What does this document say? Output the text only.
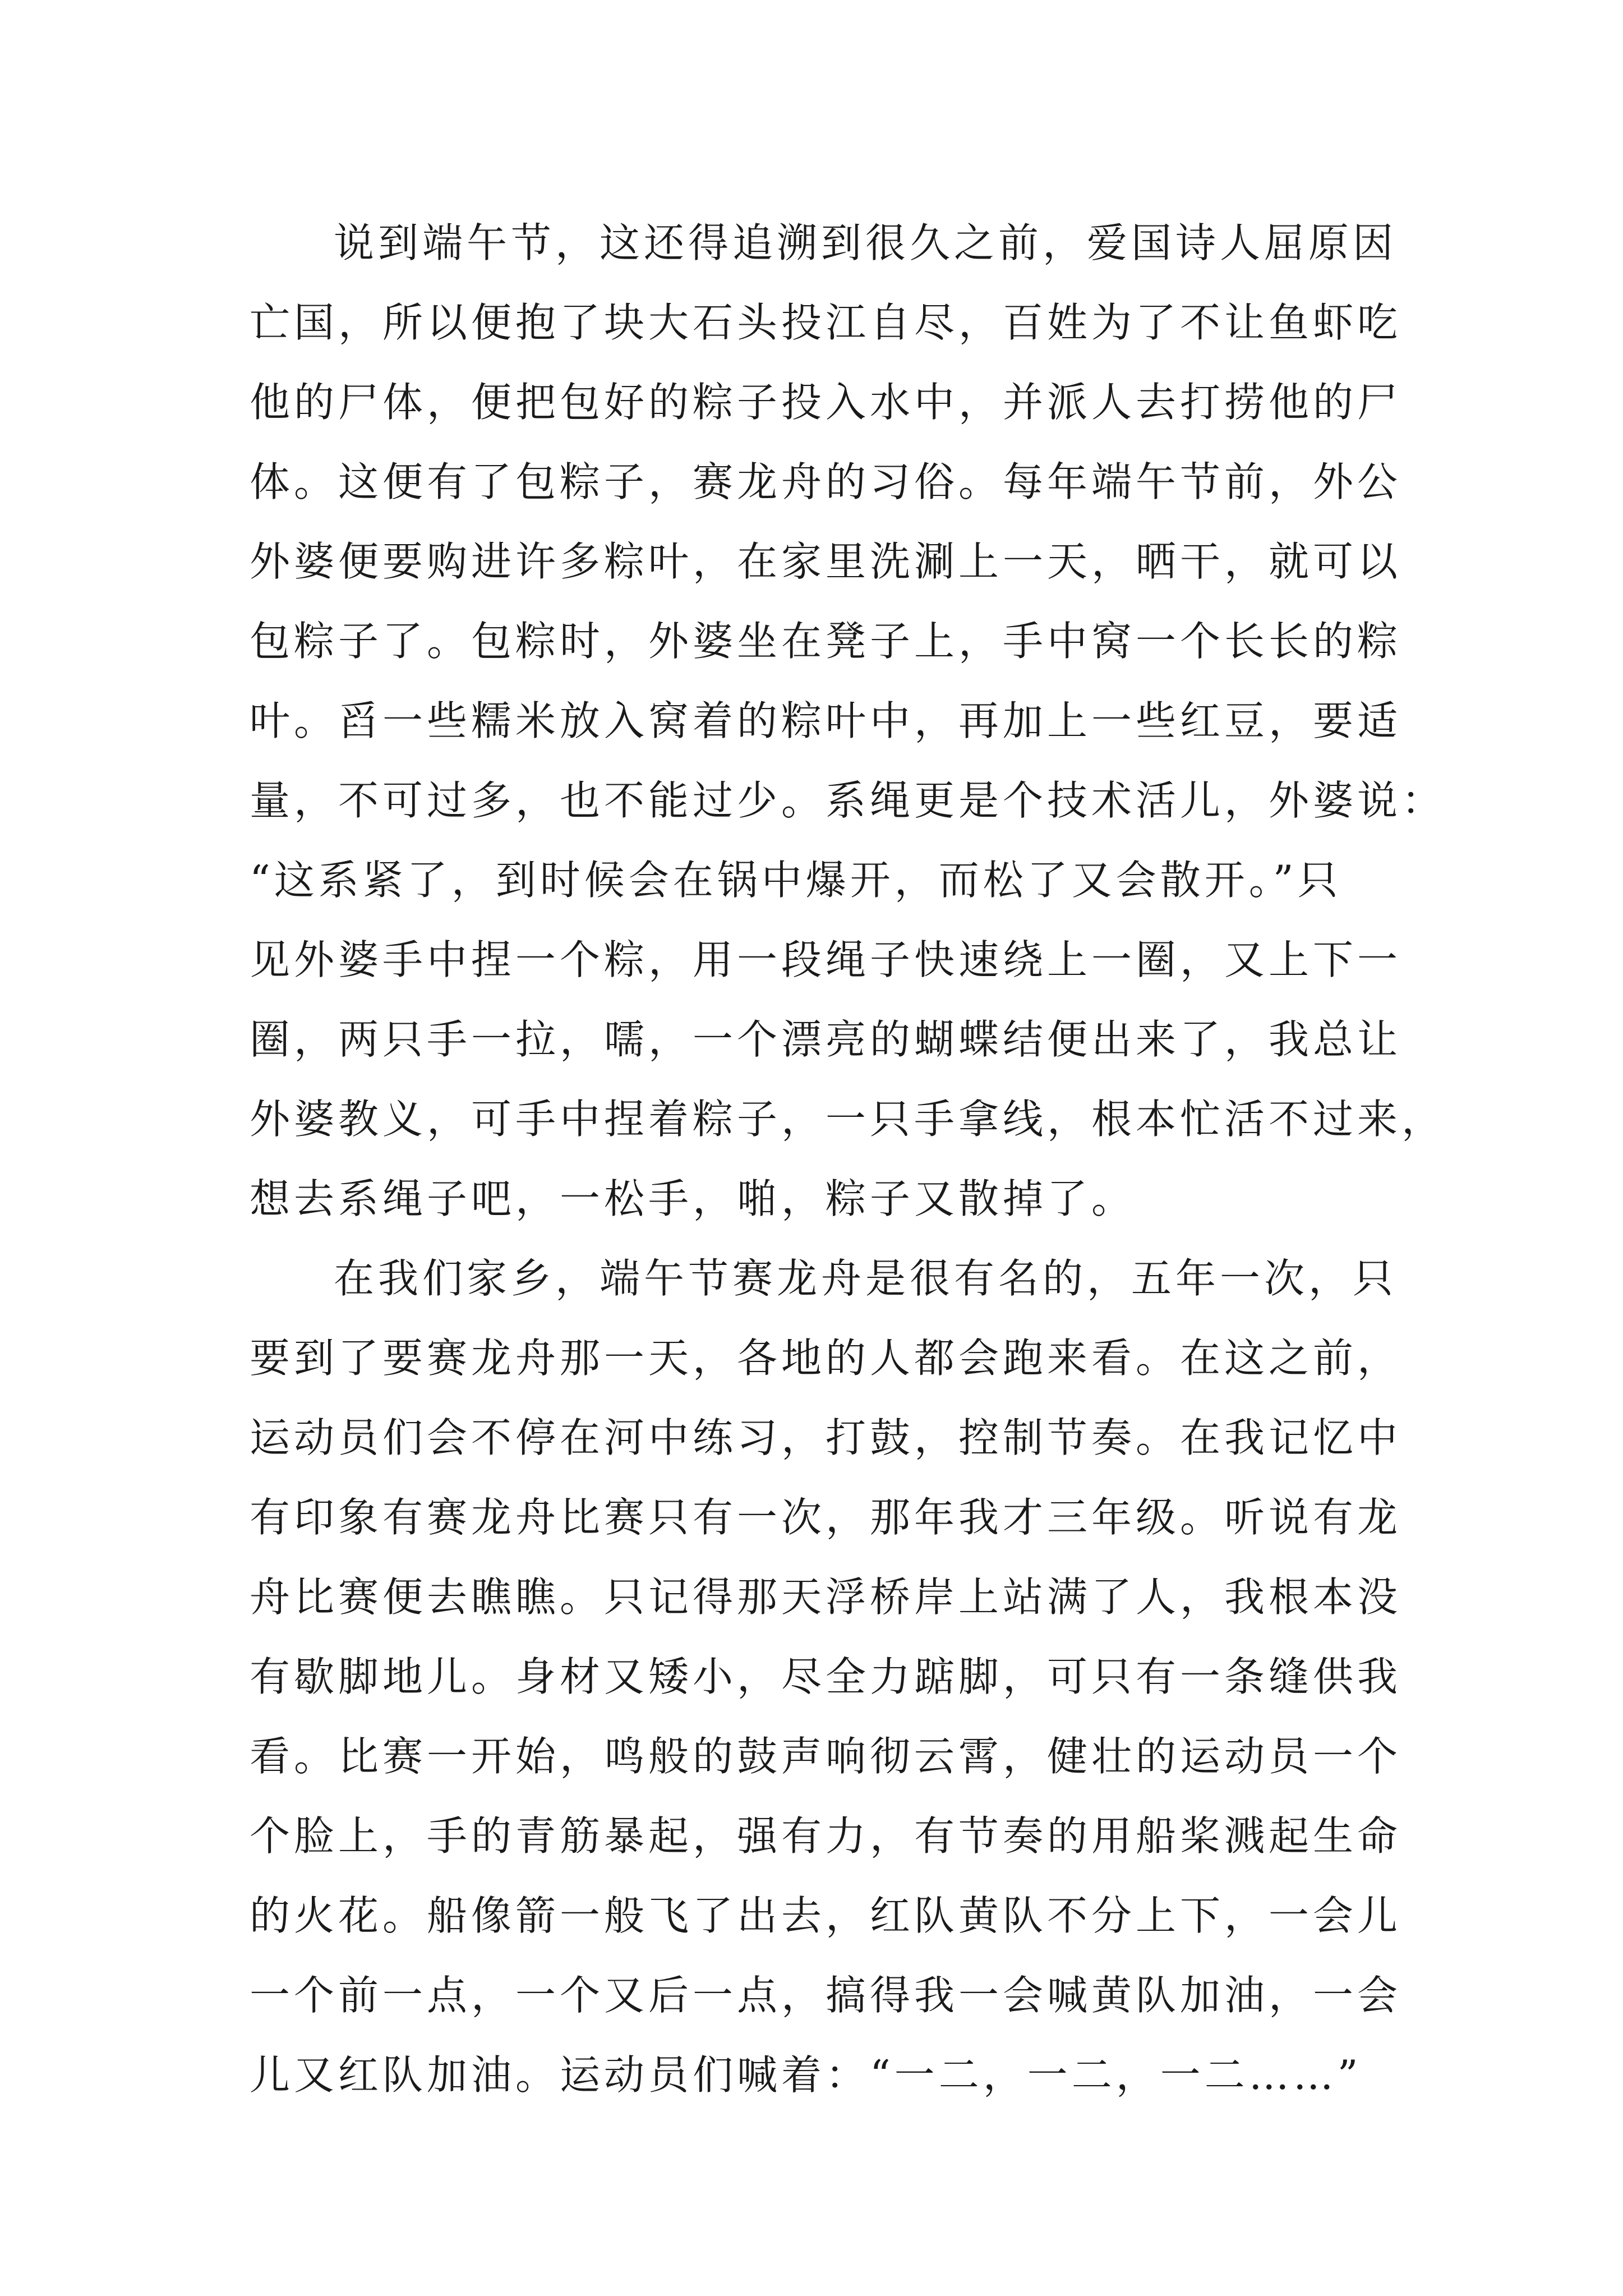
说到端午节，这还得追溯到很久之前，爱国诗人屈原因
亡国，所以便抱了块大石头投江自尽，百姓为了不让鱼虾吃
他的尸体，便把包好的粽子投入水中，并派人去打捞他的尸
体。这便有了包粽子，赛龙舟的习俗。每年端午节前，外公
外婆便要购进许多粽叶，在家里洗涮上一天，晒干，就可以
包粽子了。包粽时，外婆坐在凳子上，手中窝一个长长的粽
叶。舀一些糯米放入窝着的粽叶中，再加上一些红豆，要适
量，不可过多，也不能过少。系绳更是个技术活儿，外婆说：
“这系紧了，到时候会在锅中爆开，而松了又会散开。”只
见外婆手中捏一个粽，用一段绳子快速绕上一圈，又上下一
圈，两只手一拉，嚅，一个漂亮的蝴蝶结便出来了，我总让
外婆教义，可手中捏着粽子，一只手拿线，根本忙活不过来，
想去系绳子吧，一松手，啪，粽子又散掉了。
在我们家乡，端午节赛龙舟是很有名的，五年一次，只
要到了要赛龙舟那一天，各地的人都会跑来看。在这之前，
运动员们会不停在河中练习，打鼓，控制节奏。在我记忆中
有印象有赛龙舟比赛只有一次，那年我才三年级。听说有龙
舟比赛便去瞧瞧。只记得那天浮桥岸上站满了人，我根本没
有歇脚地儿。身材又矮小，尽全力踮脚，可只有一条缝供我
看。比赛一开始，鸣般的鼓声响彻云霄，健壮的运动员一个
个脸上，手的青筋暴起，强有力，有节奏的用船桨溅起生命
的火花。船像箭一般飞了出去，红队黄队不分上下，一会儿
一个前一点，一个又后一点，搞得我一会喊黄队加油，一会
儿又红队加油。运动员们喊着：“一二，一二，一二……”
